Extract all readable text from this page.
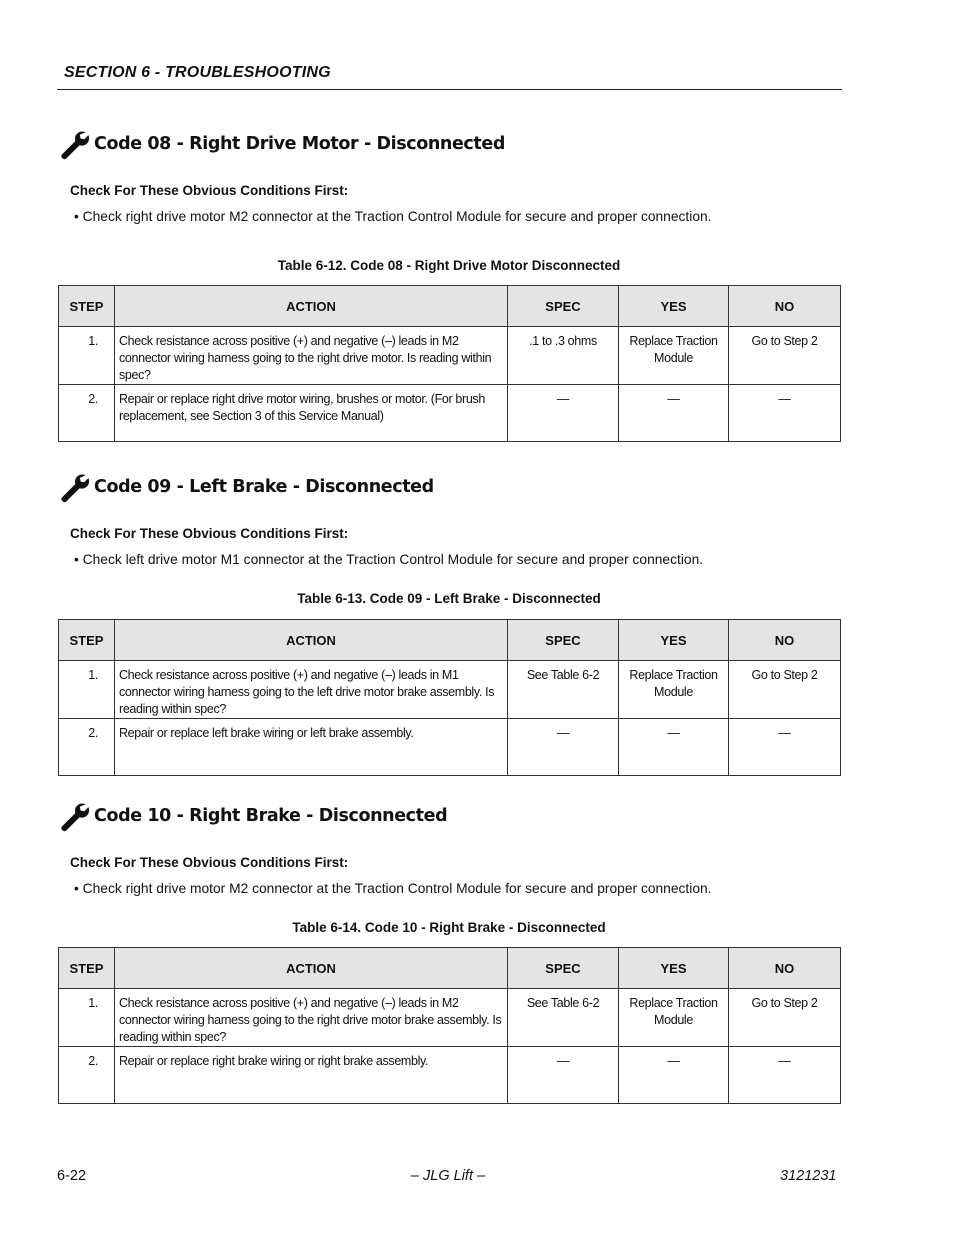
SECTION 6 - TROUBLESHOOTING
Code 08 - Right Drive Motor - Disconnected
Check For These Obvious Conditions First:
• Check right drive motor M2 connector at the Traction Control Module for secure and proper connection.
Table 6-12. Code 08 - Right Drive Motor Disconnected
STEP	ACTION	SPEC	YES	NO
1.	Check resistance across positive (+) and negative (–) leads in M2 connector wiring harness going to the right drive motor. Is reading within spec?	.1 to .3 ohms	Replace Traction Module	Go to Step 2
2.	Repair or replace right drive motor wiring, brushes or motor. (For brush replacement, see Section 3 of this Service Manual)	—	—	—
Code 09 - Left Brake - Disconnected
Check For These Obvious Conditions First:
• Check left drive motor M1 connector at the Traction Control Module for secure and proper connection.
Table 6-13. Code 09 - Left Brake - Disconnected
STEP	ACTION	SPEC	YES	NO
1.	Check resistance across positive (+) and negative (–) leads in M1 connector wiring harness going to the left drive motor brake assembly. Is reading within spec?	See Table 6-2	Replace Traction Module	Go to Step 2
2.	Repair or replace left brake wiring or left brake assembly.	—	—	—
Code 10 - Right Brake - Disconnected
Check For These Obvious Conditions First:
• Check right drive motor M2 connector at the Traction Control Module for secure and proper connection.
Table 6-14. Code 10 - Right Brake - Disconnected
STEP	ACTION	SPEC	YES	NO
1.	Check resistance across positive (+) and negative (–) leads in M2 connector wiring harness going to the right drive motor brake assembly. Is reading within spec?	See Table 6-2	Replace Traction Module	Go to Step 2
2.	Repair or replace right brake wiring or right brake assembly.	—	—	—
6-22	– JLG Lift –	3121231
